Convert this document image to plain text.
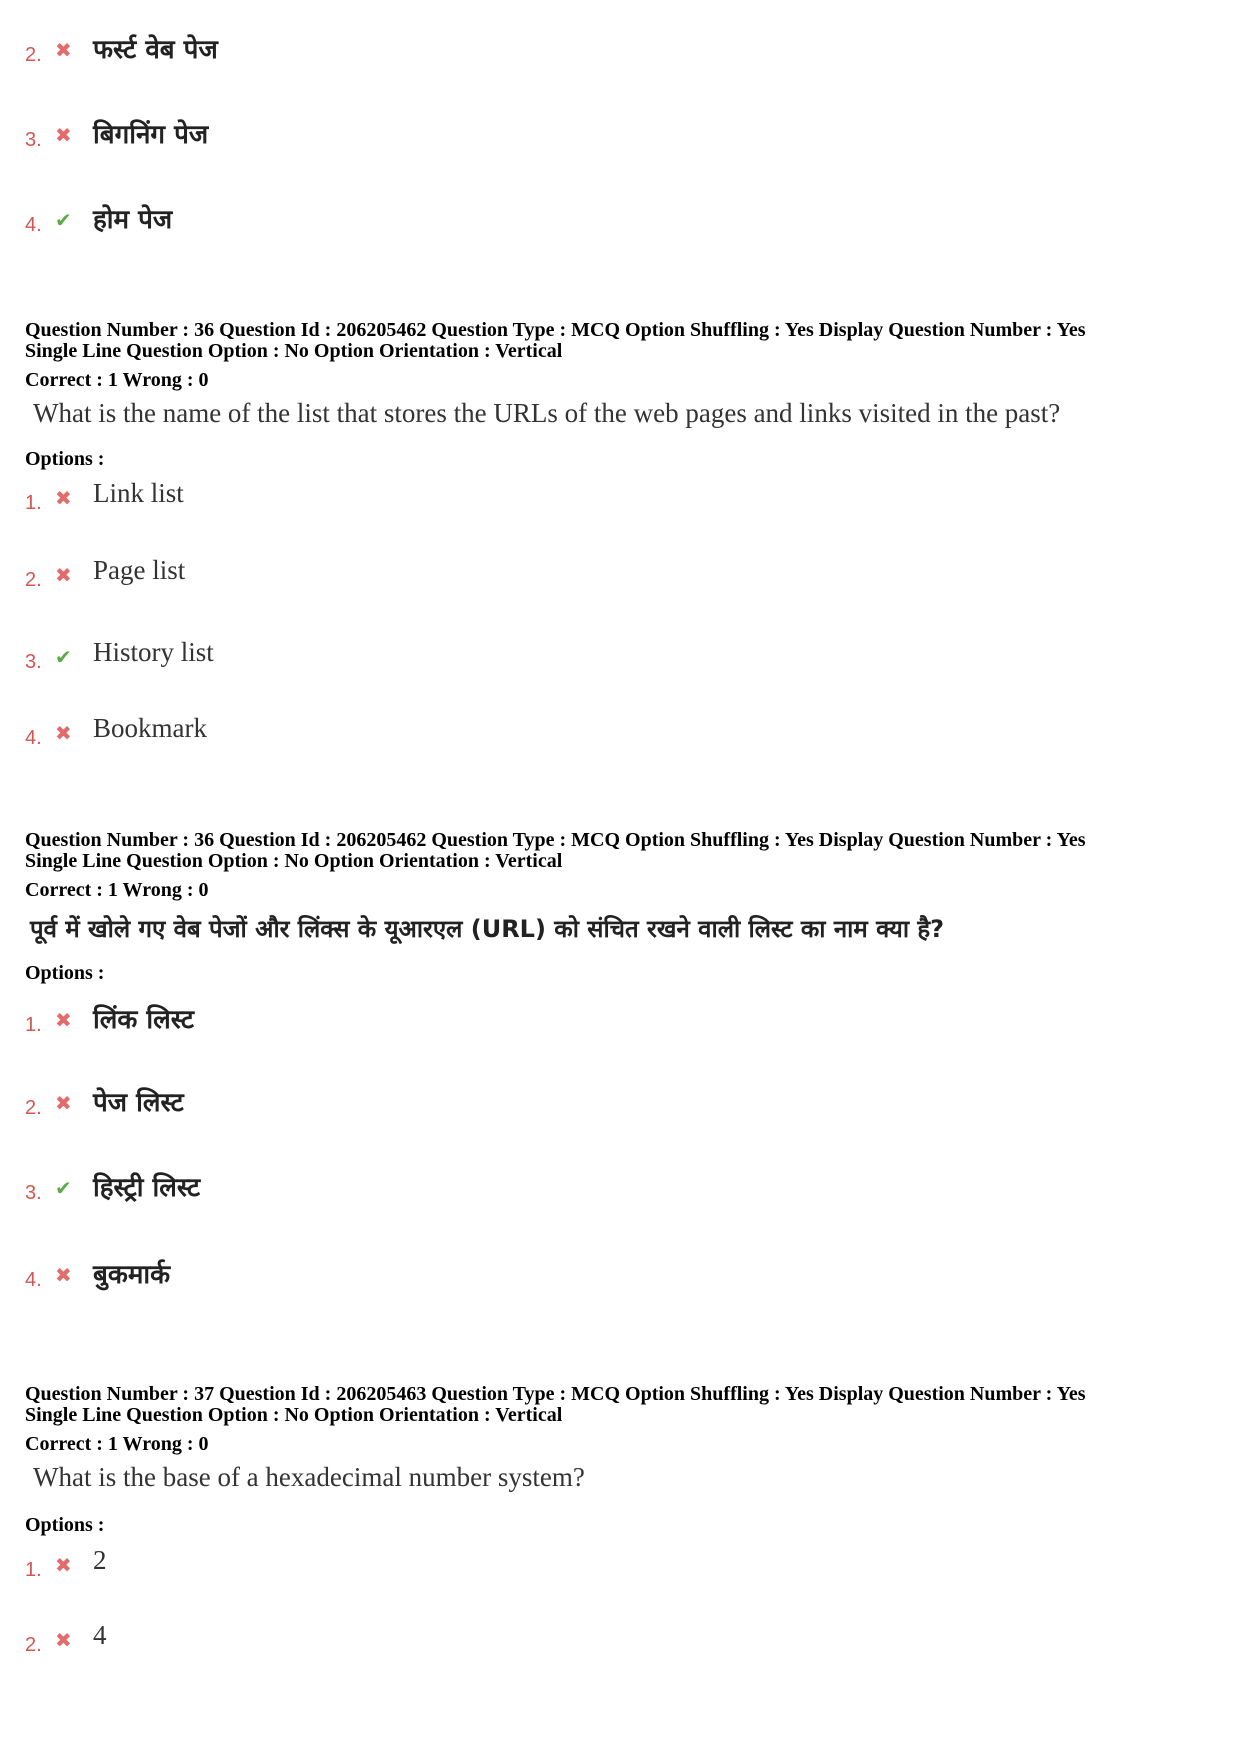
2. ✖ फर्स्ट वेब पेज
3. ✖ बिगनिंग पेज
4. ✔ होम पेज
Question Number : 36 Question Id : 206205462 Question Type : MCQ Option Shuffling : Yes Display Question Number : Yes
Single Line Question Option : No Option Orientation : Vertical
Correct : 1 Wrong : 0
What is the name of the list that stores the URLs of the web pages and links visited in the past?
Options :
1. ✖ Link list
2. ✖ Page list
3. ✔ History list
4. ✖ Bookmark
Question Number : 36 Question Id : 206205462 Question Type : MCQ Option Shuffling : Yes Display Question Number : Yes
Single Line Question Option : No Option Orientation : Vertical
Correct : 1 Wrong : 0
पूर्व में खोले गए वेब पेजों और लिंक्स के यूआरएल (URL) को संचित रखने वाली लिस्ट का नाम क्या है?
Options :
1. ✖ लिंक लिस्ट
2. ✖ पेज लिस्ट
3. ✔ हिस्ट्री लिस्ट
4. ✖ बुकमार्क
Question Number : 37 Question Id : 206205463 Question Type : MCQ Option Shuffling : Yes Display Question Number : Yes
Single Line Question Option : No Option Orientation : Vertical
Correct : 1 Wrong : 0
What is the base of a hexadecimal number system?
Options :
1. ✖ 2
2. ✖ 4
